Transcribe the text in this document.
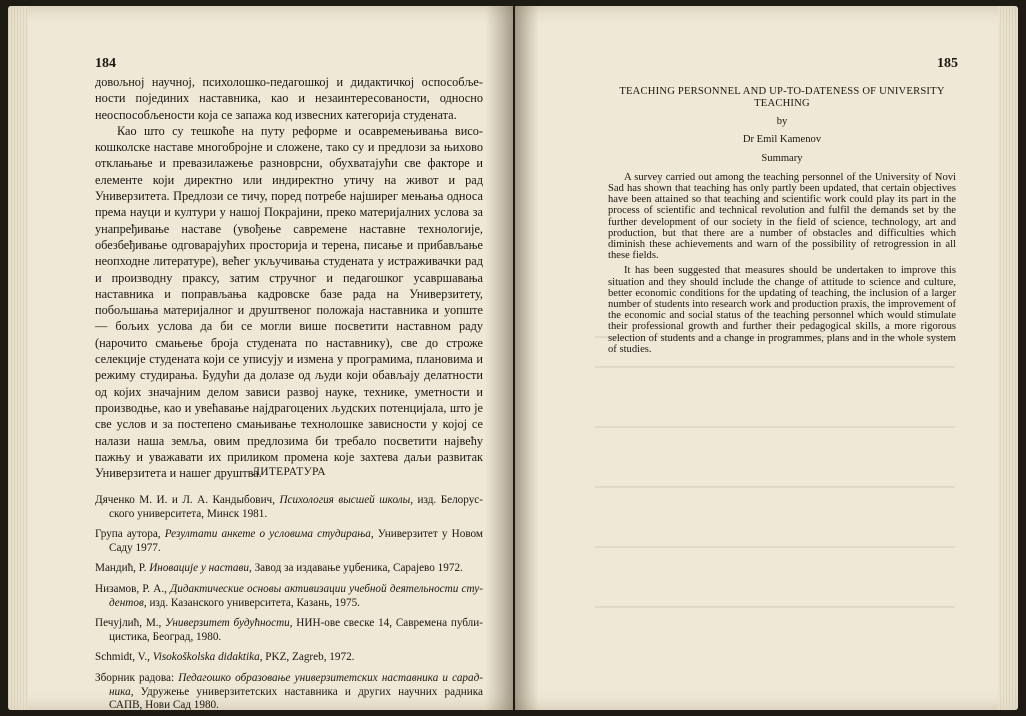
184

довољној научној, психолошко-педагошкој и дидактичкој оспособљености појединих наставника, као и незаинтересованости, односно неоспособљености која се запажа код извесних категорија студената.

Као што су тешкоће на путу реформе и осавремењивања високошколске наставе многобројне и сложене, тако су и предлози за њихово отклањање и превазилажење разноврсни, обухватајући све факторе и елементе који директно или индиректно утичу на живот и рад Универзитета. Предлози се тичу, поред потребе најширег мењања односа према науци и култури у нашој Покрајини, преко материјалних услова за унапређивање наставе (увођење савремене наставне технологије, обезбеђивање одговарајућих просторија и терена, писање и прибављање неопходне литературе), већег укључивања студената у истраживачки рад и производну праксу, затим стручног и педагошког усавршавања наставника и поправљања кадровске базе рада на Универзитету, побољшања материјалног и друштвеног положаја наставника и уопште — бољих услова да би се могли више посветити наставном раду (нарочито смањење броја студената по наставнику), све до строже селекције студената који се уписују и измена у програмима, плановима и режиму студирања. Будући да долазе од људи који обављају делатности од којих значајним делом зависи развој науке, технике, уметности и производње, као и увећавање најдрагоцених људских потенцијала, што је све услов и за постепено смањивање технолошке зависности у којој се налази наша земља, овим предлозима би требало посветити највећу пажњу и уважавати их приликом промена које захтева даљи развитак Универзитета и нашег друштва.

ЛИТЕРАТУРА

Дяченко М. И. и Л. А. Кандыбович, Психология высшей школы, изд. Белорусского университета, Минск 1981.

Група аутора, Резултати анкете о условима студирања, Универзитет у Новом Саду 1977.

Мандић, Р. Иновације у настави, Завод за издавање уџбеника, Сарајево 1972.

Низамов, Р. А., Дидактические основы активизации учебной деятельности студентов, изд. Казанского университета, Казань, 1975.

Печујлић, М., Универзитет будућности, НИН-ове свеске 14, Савремена публицистика, Београд, 1980.

Schmidt, V., Visokoškolska didaktika, PKZ, Zagreb, 1972.

Зборник радова: Педагошко образовање универзитетских наставника и сарадника, Удружење универзитетских наставника и других научних радника САПВ, Нови Сад 1980.

185

TEACHING PERSONNEL AND UP-TO-DATENESS OF UNIVERSITY TEACHING

by

Dr Emil Kamenov

Summary

A survey carried out among the teaching personnel of the University of Novi Sad has shown that teaching has only partly been updated, that certain objectives have been attained so that teaching and scientific work could play its part in the process of scientific and technical revolution and fulfil the demands set by the further development of our society in the field of science, technology, art and production, but that there are a number of obstacles and difficulties which diminish these achievements and warn of the possibility of retrogression in all these fields.

It has been suggested that measures should be undertaken to improve this situation and they should include the change of attitude to science and culture, better economic conditions for the updating of teaching, the inclusion of a larger number of students into research work and production praxis, the improvement of the economic and social status of the teaching personnel which would stimulate their professional growth and further their pedagogical skills, a more rigorous selection of students and a change in programmes, plans and in the whole system of studies.
